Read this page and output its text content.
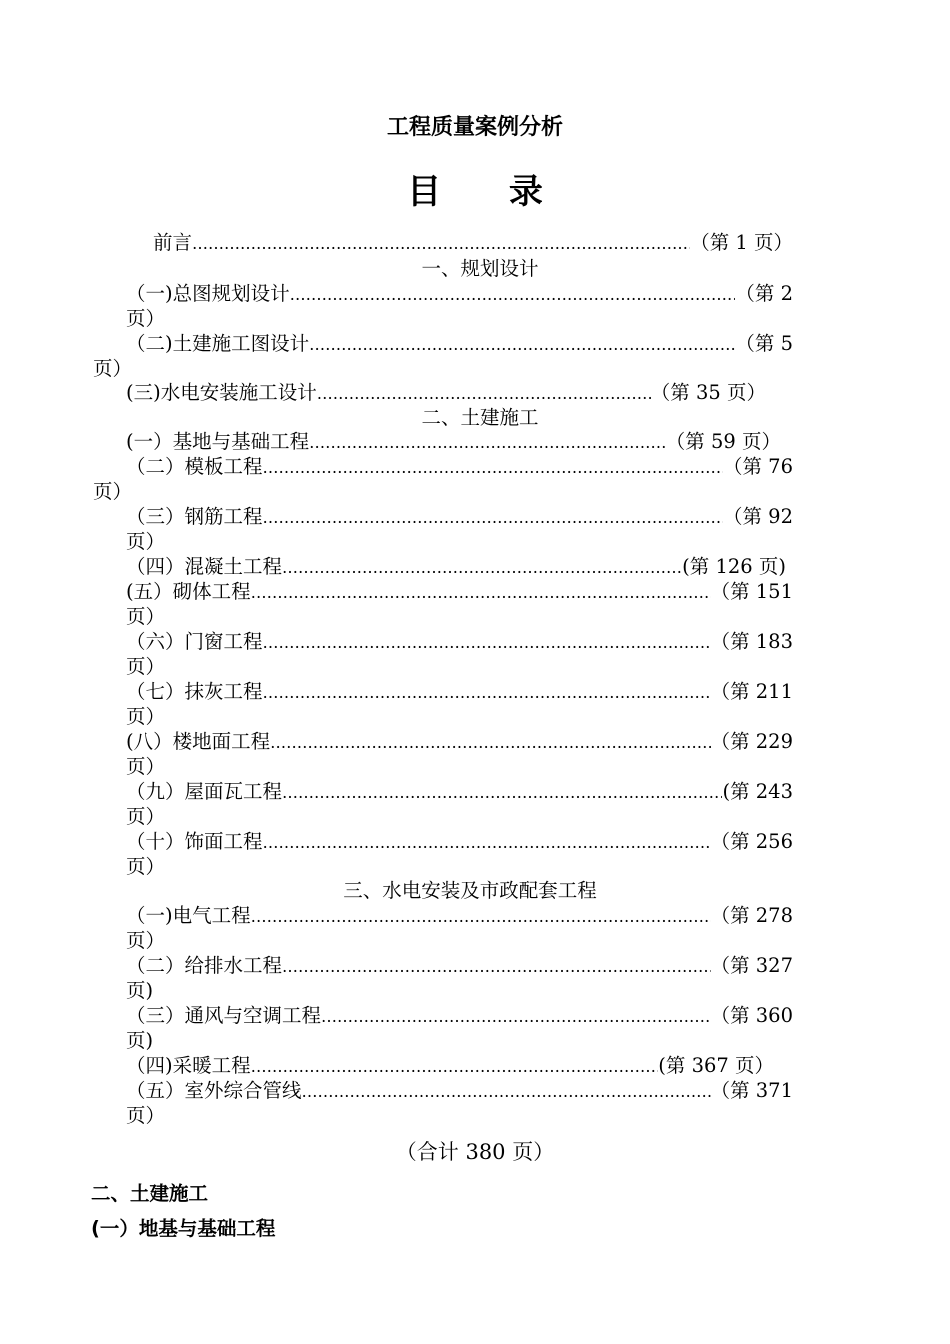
工程质量案例分析
目 录
前言 …………………………………………………………………………………………………………………………………	（第 1 页）
一、规划设计
（一)总图规划设计 …………………………………………………………………………………………………………………………………	（第 2
页）
（二)土建施工图设计 …………………………………………………………………………………………………………………………………	（第 5
页）
(三)水电安装施工设计 …………………………………………………………………………………………………………………………………	（第 35 页）
二、土建施工
(一）基地与基础工程 …………………………………………………………………………………………………………………………………	（第 59 页）
（二）模板工程 …………………………………………………………………………………………………………………………………	（第 76
页）
（三）钢筋工程 …………………………………………………………………………………………………………………………………	（第 92
页）
（四）混凝土工程 …………………………………………………………………………………………………………………………………	(第 126 页)
(五）砌体工程 …………………………………………………………………………………………………………………………………	（第 151
页）
（六）门窗工程 …………………………………………………………………………………………………………………………………	（第 183
页）
（七）抹灰工程 …………………………………………………………………………………………………………………………………	（第 211
页）
(八）楼地面工程 …………………………………………………………………………………………………………………………………	（第 229
页）
（九）屋面瓦工程 …………………………………………………………………………………………………………………………………	(第 243
页）
（十）饰面工程 …………………………………………………………………………………………………………………………………	（第 256
页）
三、水电安装及市政配套工程
（一)电气工程 …………………………………………………………………………………………………………………………………	（第 278
页）
（二）给排水工程 …………………………………………………………………………………………………………………………………	（第 327
页)
（三）通风与空调工程 …………………………………………………………………………………………………………………………………	（第 360
页)
（四)采暖工程 …………………………………………………………………………………………………………………………………	(第 367 页）
（五）室外综合管线 …………………………………………………………………………………………………………………………………	（第 371
页）
（合计 380 页）
二、土建施工
(一）地基与基础工程
